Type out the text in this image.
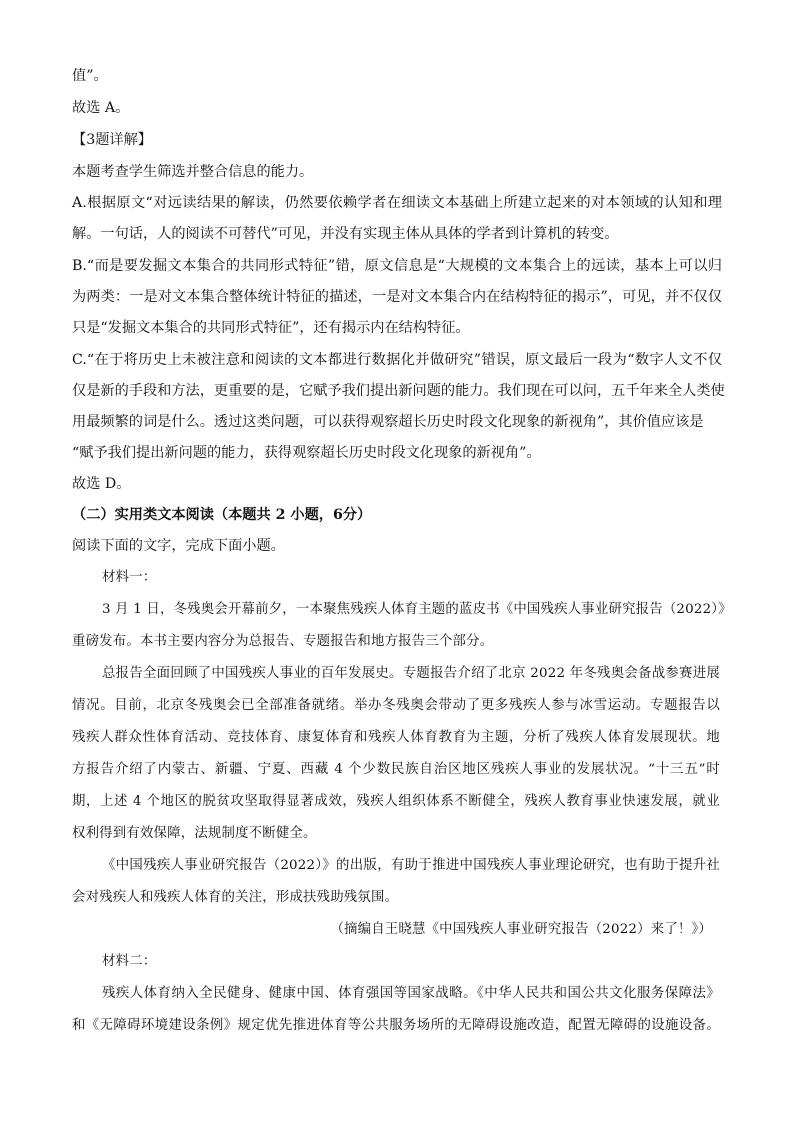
值”。
故选 A。
【3题详解】
本题考查学生筛选并整合信息的能力。
A.根据原文“对远读结果的解读，仍然要依赖学者在细读文本基础上所建立起来的对本领域的认知和理
解。一句话，人的阅读不可替代”可见，并没有实现主体从具体的学者到计算机的转变。
B.“而是要发掘文本集合的共同形式特征”错，原文信息是“大规模的文本集合上的远读，基本上可以归
为两类：一是对文本集合整体统计特征的描述，一是对文本集合内在结构特征的揭示”，可见，并不仅仅
只是“发掘文本集合的共同形式特征”，还有揭示内在结构特征。
C.“在于将历史上未被注意和阅读的文本都进行数据化并做研究”错误，原文最后一段为“数字人文不仅
仅是新的手段和方法，更重要的是，它赋予我们提出新问题的能力。我们现在可以问，五千年来全人类使
用最频繁的词是什么。透过这类问题，可以获得观察超长历史时段文化现象的新视角”，其价值应该是
“赋予我们提出新问题的能力，获得观察超长历史时段文化现象的新视角”。
故选 D。
（二）实用类文本阅读（本题共 2 小题，6分）
阅读下面的文字，完成下面小题。
材料一：
3 月 1 日，冬残奥会开幕前夕，一本聚焦残疾人体育主题的蓝皮书《中国残疾人事业研究报告（2022）》
重磅发布。本书主要内容分为总报告、专题报告和地方报告三个部分。
总报告全面回顾了中国残疾人事业的百年发展史。专题报告介绍了北京 2022 年冬残奥会备战参赛进展
情况。目前，北京冬残奥会已全部准备就绪。举办冬残奥会带动了更多残疾人参与冰雪运动。专题报告以
残疾人群众性体育活动、竞技体育、康复体育和残疾人体育教育为主题，分析了残疾人体育发展现状。地
方报告介绍了内蒙古、新疆、宁夏、西藏 4 个少数民族自治区地区残疾人事业的发展状况。“十三五”时
期，上述 4 个地区的脱贫攻坚取得显著成效，残疾人组织体系不断健全，残疾人教育事业快速发展，就业
权利得到有效保障，法规制度不断健全。
《中国残疾人事业研究报告（2022）》的出版，有助于推进中国残疾人事业理论研究，也有助于提升社
会对残疾人和残疾人体育的关注，形成扶残助残氛围。
（摘编自王晓慧《中国残疾人事业研究报告（2022）来了！》）
材料二：
残疾人体育纳入全民健身、健康中国、体育强国等国家战略。《中华人民共和国公共文化服务保障法》
和《无障碍环境建设条例》规定优先推进体育等公共服务场所的无障碍设施改造，配置无障碍的设施设备。
